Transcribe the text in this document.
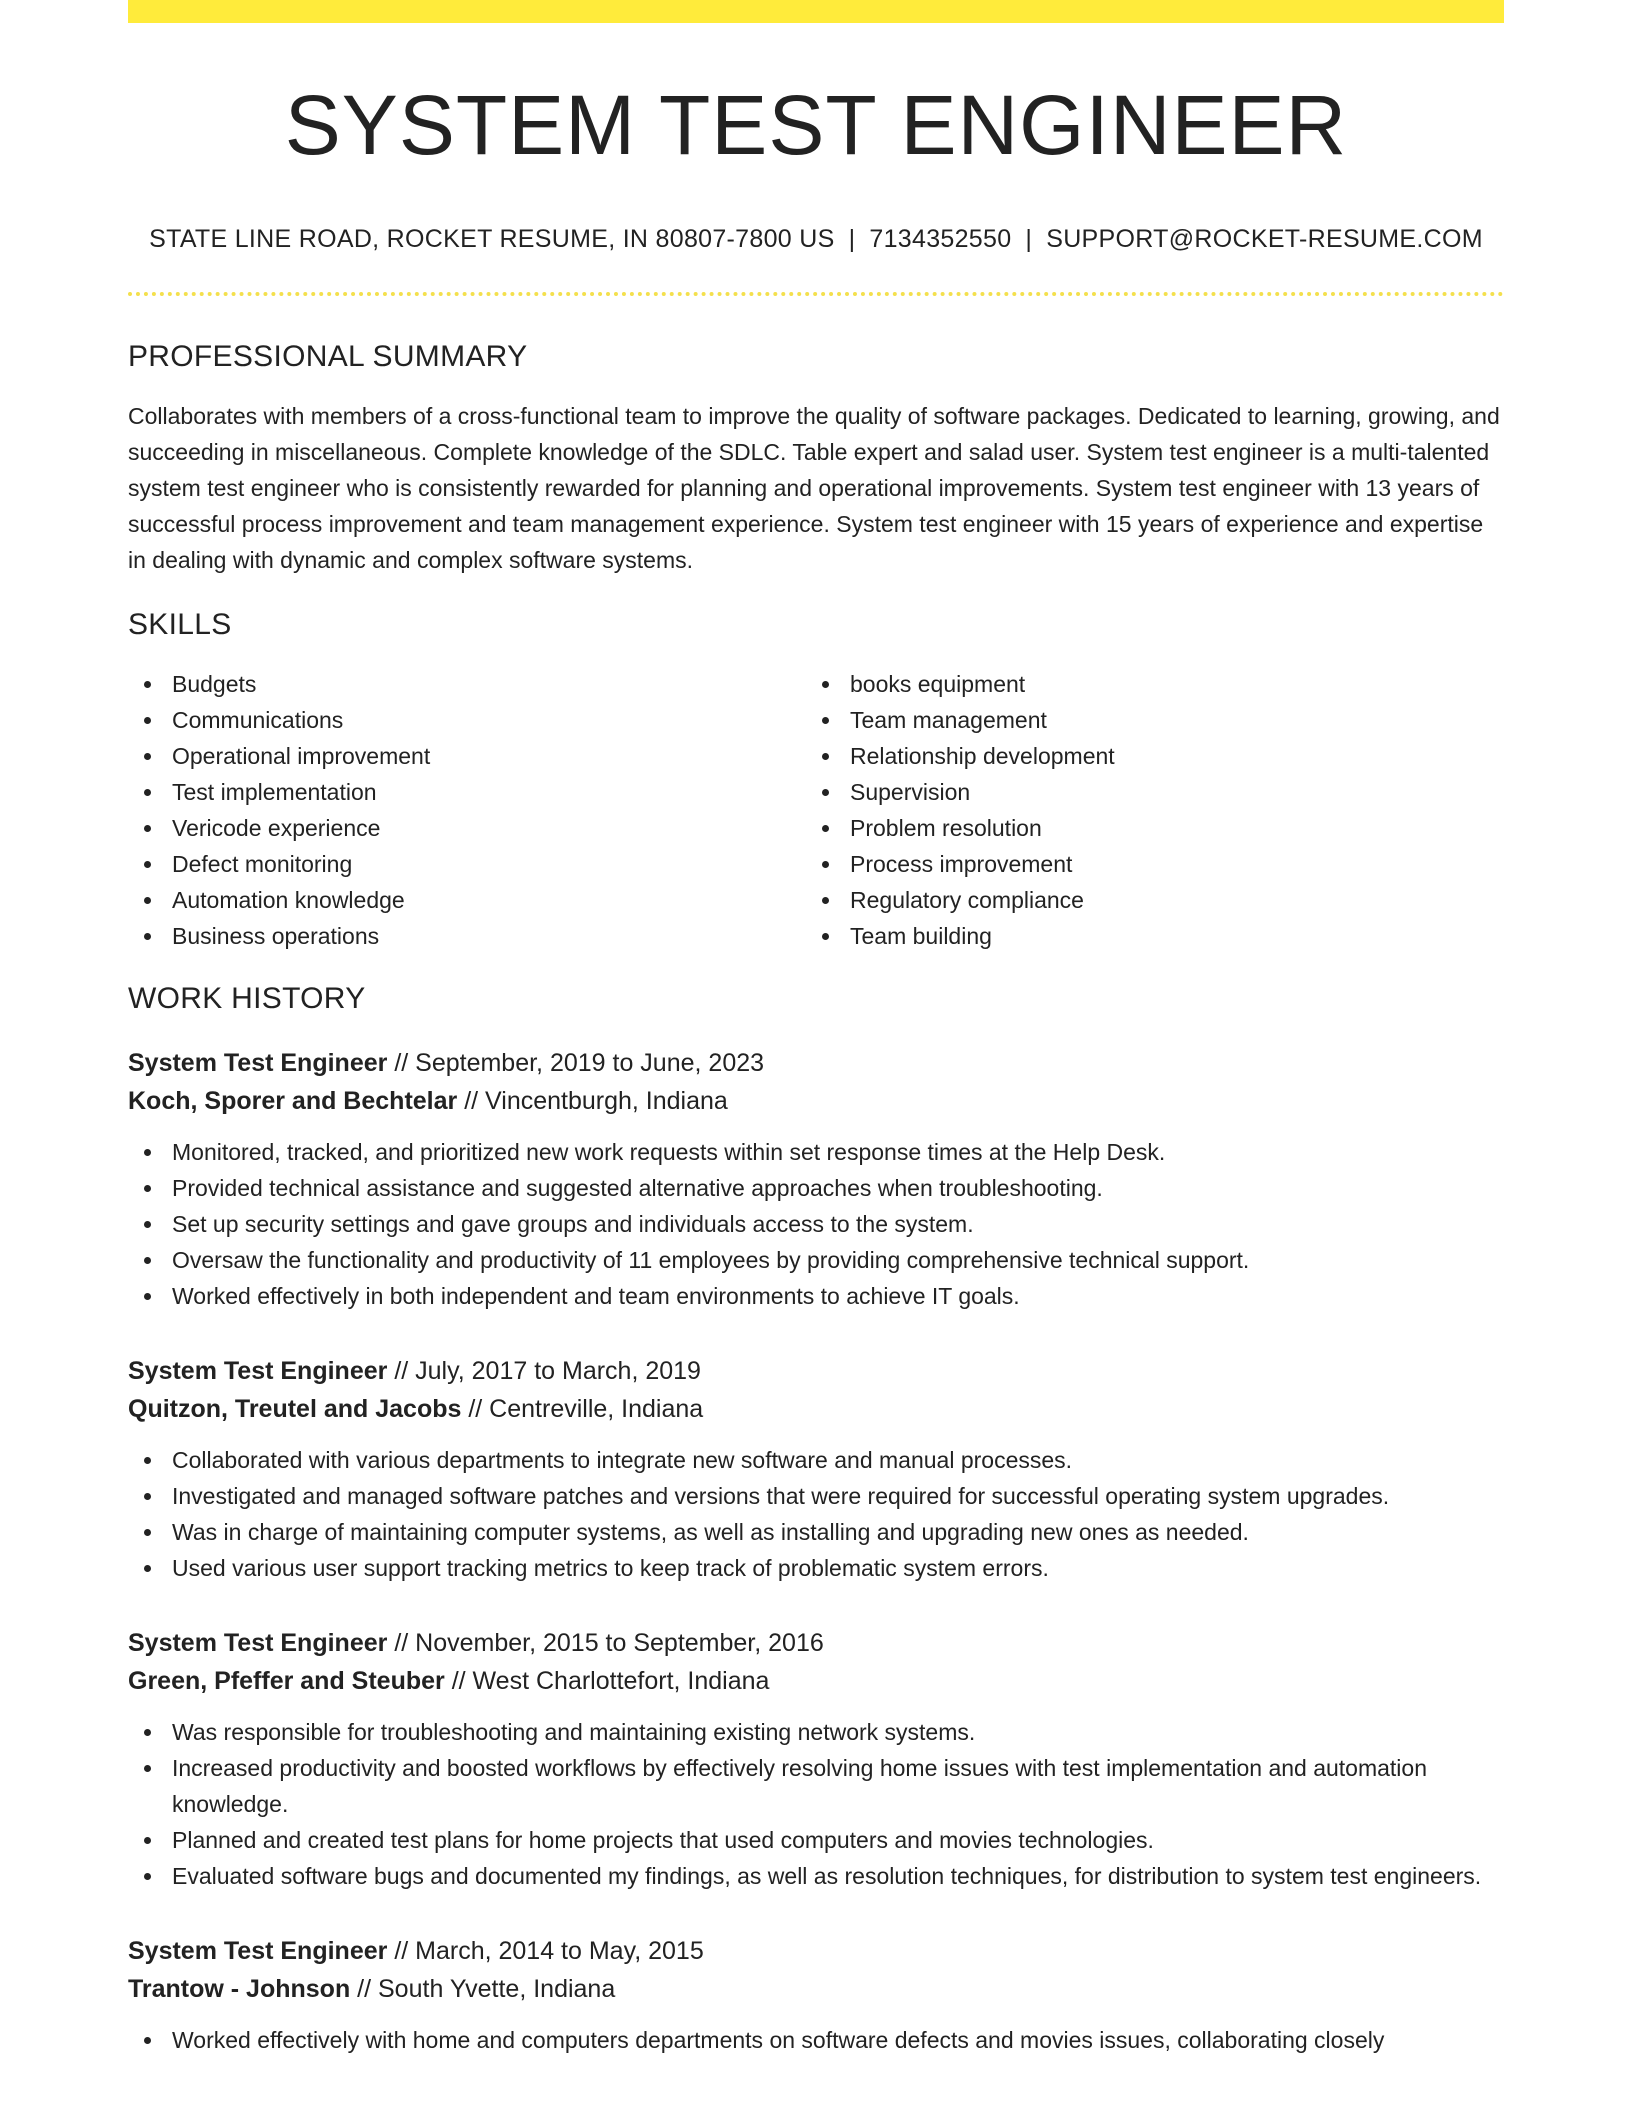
SYSTEM TEST ENGINEER
STATE LINE ROAD, ROCKET RESUME, IN 80807-7800 US | 7134352550 | SUPPORT@ROCKET-RESUME.COM
PROFESSIONAL SUMMARY

Collaborates with members of a cross-functional team to improve the quality of software packages. Dedicated to learning, growing, and succeeding in miscellaneous. Complete knowledge of the SDLC. Table expert and salad user. System test engineer is a multi-talented system test engineer who is consistently rewarded for planning and operational improvements. System test engineer with 13 years of successful process improvement and team management experience. System test engineer with 15 years of experience and expertise in dealing with dynamic and complex software systems.

SKILLS
Budgets
Communications
Operational improvement
Test implementation
Vericode experience
Defect monitoring
Automation knowledge
Business operations
books equipment
Team management
Relationship development
Supervision
Problem resolution
Process improvement
Regulatory compliance
Team building
WORK HISTORY
System Test Engineer // September, 2019 to June, 2023
Koch, Sporer and Bechtelar // Vincentburgh, Indiana
Monitored, tracked, and prioritized new work requests within set response times at the Help Desk.
Provided technical assistance and suggested alternative approaches when troubleshooting.
Set up security settings and gave groups and individuals access to the system.
Oversaw the functionality and productivity of 11 employees by providing comprehensive technical support.
Worked effectively in both independent and team environments to achieve IT goals.
System Test Engineer // July, 2017 to March, 2019
Quitzon, Treutel and Jacobs // Centreville, Indiana
Collaborated with various departments to integrate new software and manual processes.
Investigated and managed software patches and versions that were required for successful operating system upgrades.
Was in charge of maintaining computer systems, as well as installing and upgrading new ones as needed.
Used various user support tracking metrics to keep track of problematic system errors.
System Test Engineer // November, 2015 to September, 2016
Green, Pfeffer and Steuber // West Charlottefort, Indiana
Was responsible for troubleshooting and maintaining existing network systems.
Increased productivity and boosted workflows by effectively resolving home issues with test implementation and automation knowledge.
Planned and created test plans for home projects that used computers and movies technologies.
Evaluated software bugs and documented my findings, as well as resolution techniques, for distribution to system test engineers.
System Test Engineer // March, 2014 to May, 2015
Trantow - Johnson // South Yvette, Indiana
Worked effectively with home and computers departments on software defects and movies issues, collaborating closely
